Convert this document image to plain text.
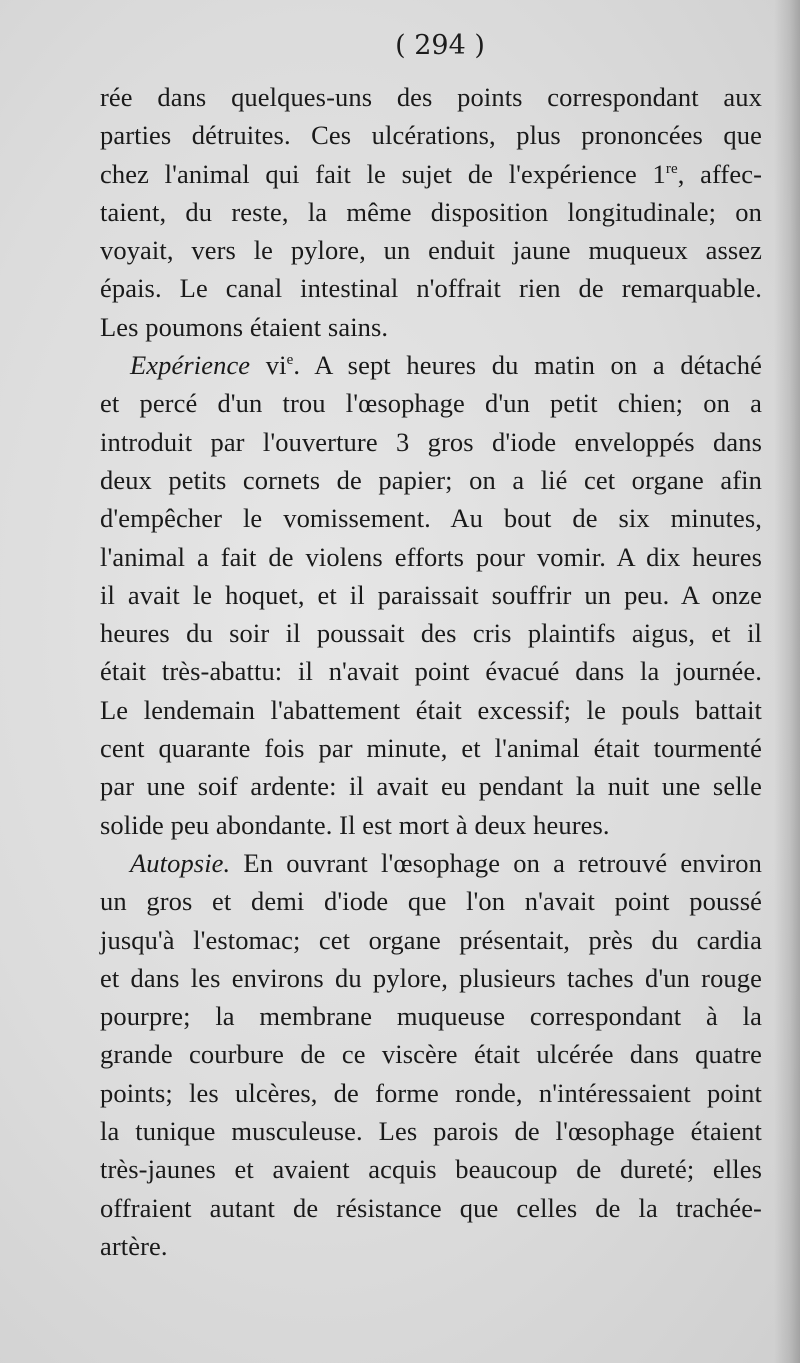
( 294 )
rée dans quelques-uns des points correspondant aux
parties détruites. Ces ulcérations, plus prononcées que
chez l'animal qui fait le sujet de l'expérience 1re, affec-
taient, du reste, la même disposition longitudinale; on
voyait, vers le pylore, un enduit jaune muqueux assez
épais. Le canal intestinal n'offrait rien de remarquable.
Les poumons étaient sains.
Expérience $vi^e$. A sept heures du matin on a détaché
et percé d'un trou l'œsophage d'un petit chien; on a
introduit par l'ouverture 3 gros d'iode enveloppés dans
deux petits cornets de papier; on a lié cet organe afin
d'empêcher le vomissement. Au bout de six minutes,
l'animal a fait de violens efforts pour vomir. A dix heures
il avait le hoquet, et il paraissait souffrir un peu. A onze
heures du soir il poussait des cris plaintifs aigus, et il
était très-abattu: il n'avait point évacué dans la journée.
Le lendemain l'abattement était excessif; le pouls battait
cent quarante fois par minute, et l'animal était tourmenté
par une soif ardente: il avait eu pendant la nuit une selle
solide peu abondante. Il est mort à deux heures.
Autopsie. En ouvrant l'œsophage on a retrouvé environ
un gros et demi d'iode que l'on n'avait point poussé
jusqu'à l'estomac; cet organe présentait, près du cardia
et dans les environs du pylore, plusieurs taches d'un rouge
pourpre; la membrane muqueuse correspondant à la
grande courbure de ce viscère était ulcérée dans quatre
points; les ulcères, de forme ronde, n'intéressaient point
la tunique musculeuse. Les parois de l'œsophage étaient
très-jaunes et avaient acquis beaucoup de dureté; elles
offraient autant de résistance que celles de la trachée-
artère.
